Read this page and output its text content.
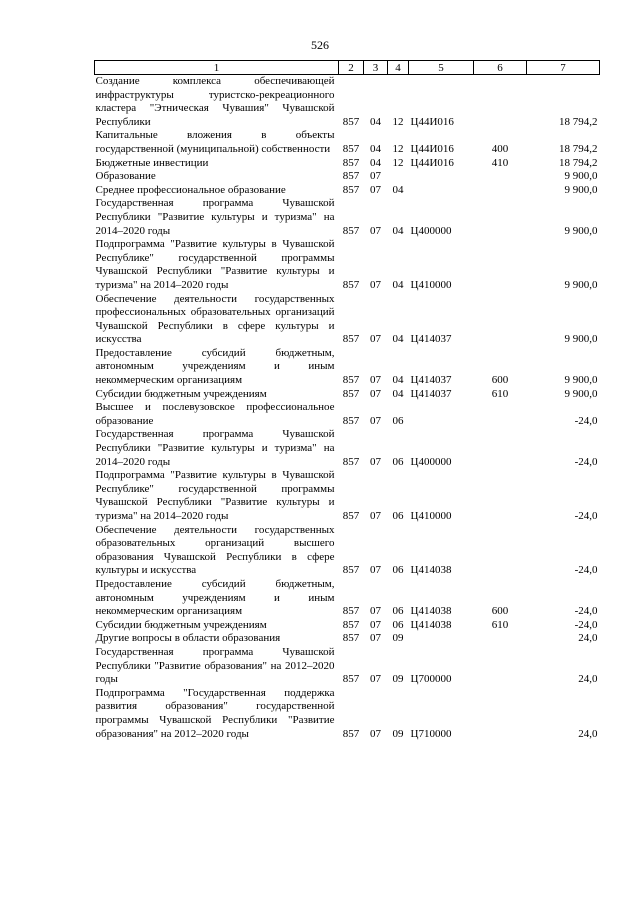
526
1	2	3	4	5	6	7
Создание комплекса обеспечивающей инфраструктуры туристско-рекреационного кластера "Этническая Чувашия" Чувашской Республики	857	04	12	Ц44И016		18 794,2
Капитальные вложения в объекты государственной (муниципальной) собственности	857	04	12	Ц44И016	400	18 794,2
Бюджетные инвестиции	857	04	12	Ц44И016	410	18 794,2
Образование	857	07				9 900,0
Среднее профессиональное образование	857	07	04			9 900,0
Государственная программа Чувашской Республики "Развитие культуры и туризма" на 2014–2020 годы	857	07	04	Ц400000		9 900,0
Подпрограмма "Развитие культуры в Чувашской Республике" государственной программы Чувашской Республики "Развитие культуры и туризма" на 2014–2020 годы	857	07	04	Ц410000		9 900,0
Обеспечение деятельности государственных профессиональных образовательных организаций Чувашской Республики в сфере культуры и искусства	857	07	04	Ц414037		9 900,0
Предоставление субсидий бюджетным, автономным учреждениям и иным некоммерческим организациям	857	07	04	Ц414037	600	9 900,0
Субсидии бюджетным учреждениям	857	07	04	Ц414037	610	9 900,0
Высшее и послевузовское профессиональное образование	857	07	06			-24,0
Государственная программа Чувашской Республики "Развитие культуры и туризма" на 2014–2020 годы	857	07	06	Ц400000		-24,0
Подпрограмма "Развитие культуры в Чувашской Республике" государственной программы Чувашской Республики "Развитие культуры и туризма" на 2014–2020 годы	857	07	06	Ц410000		-24,0
Обеспечение деятельности государственных образовательных организаций высшего образования Чувашской Республики в сфере культуры и искусства	857	07	06	Ц414038		-24,0
Предоставление субсидий бюджетным, автономным учреждениям и иным некоммерческим организациям	857	07	06	Ц414038	600	-24,0
Субсидии бюджетным учреждениям	857	07	06	Ц414038	610	-24,0
Другие вопросы в области образования	857	07	09			24,0
Государственная программа Чувашской Республики "Развитие образования" на 2012–2020 годы	857	07	09	Ц700000		24,0
Подпрограмма "Государственная поддержка развития образования" государственной программы Чувашской Республики "Развитие образования" на 2012–2020 годы	857	07	09	Ц710000		24,0
